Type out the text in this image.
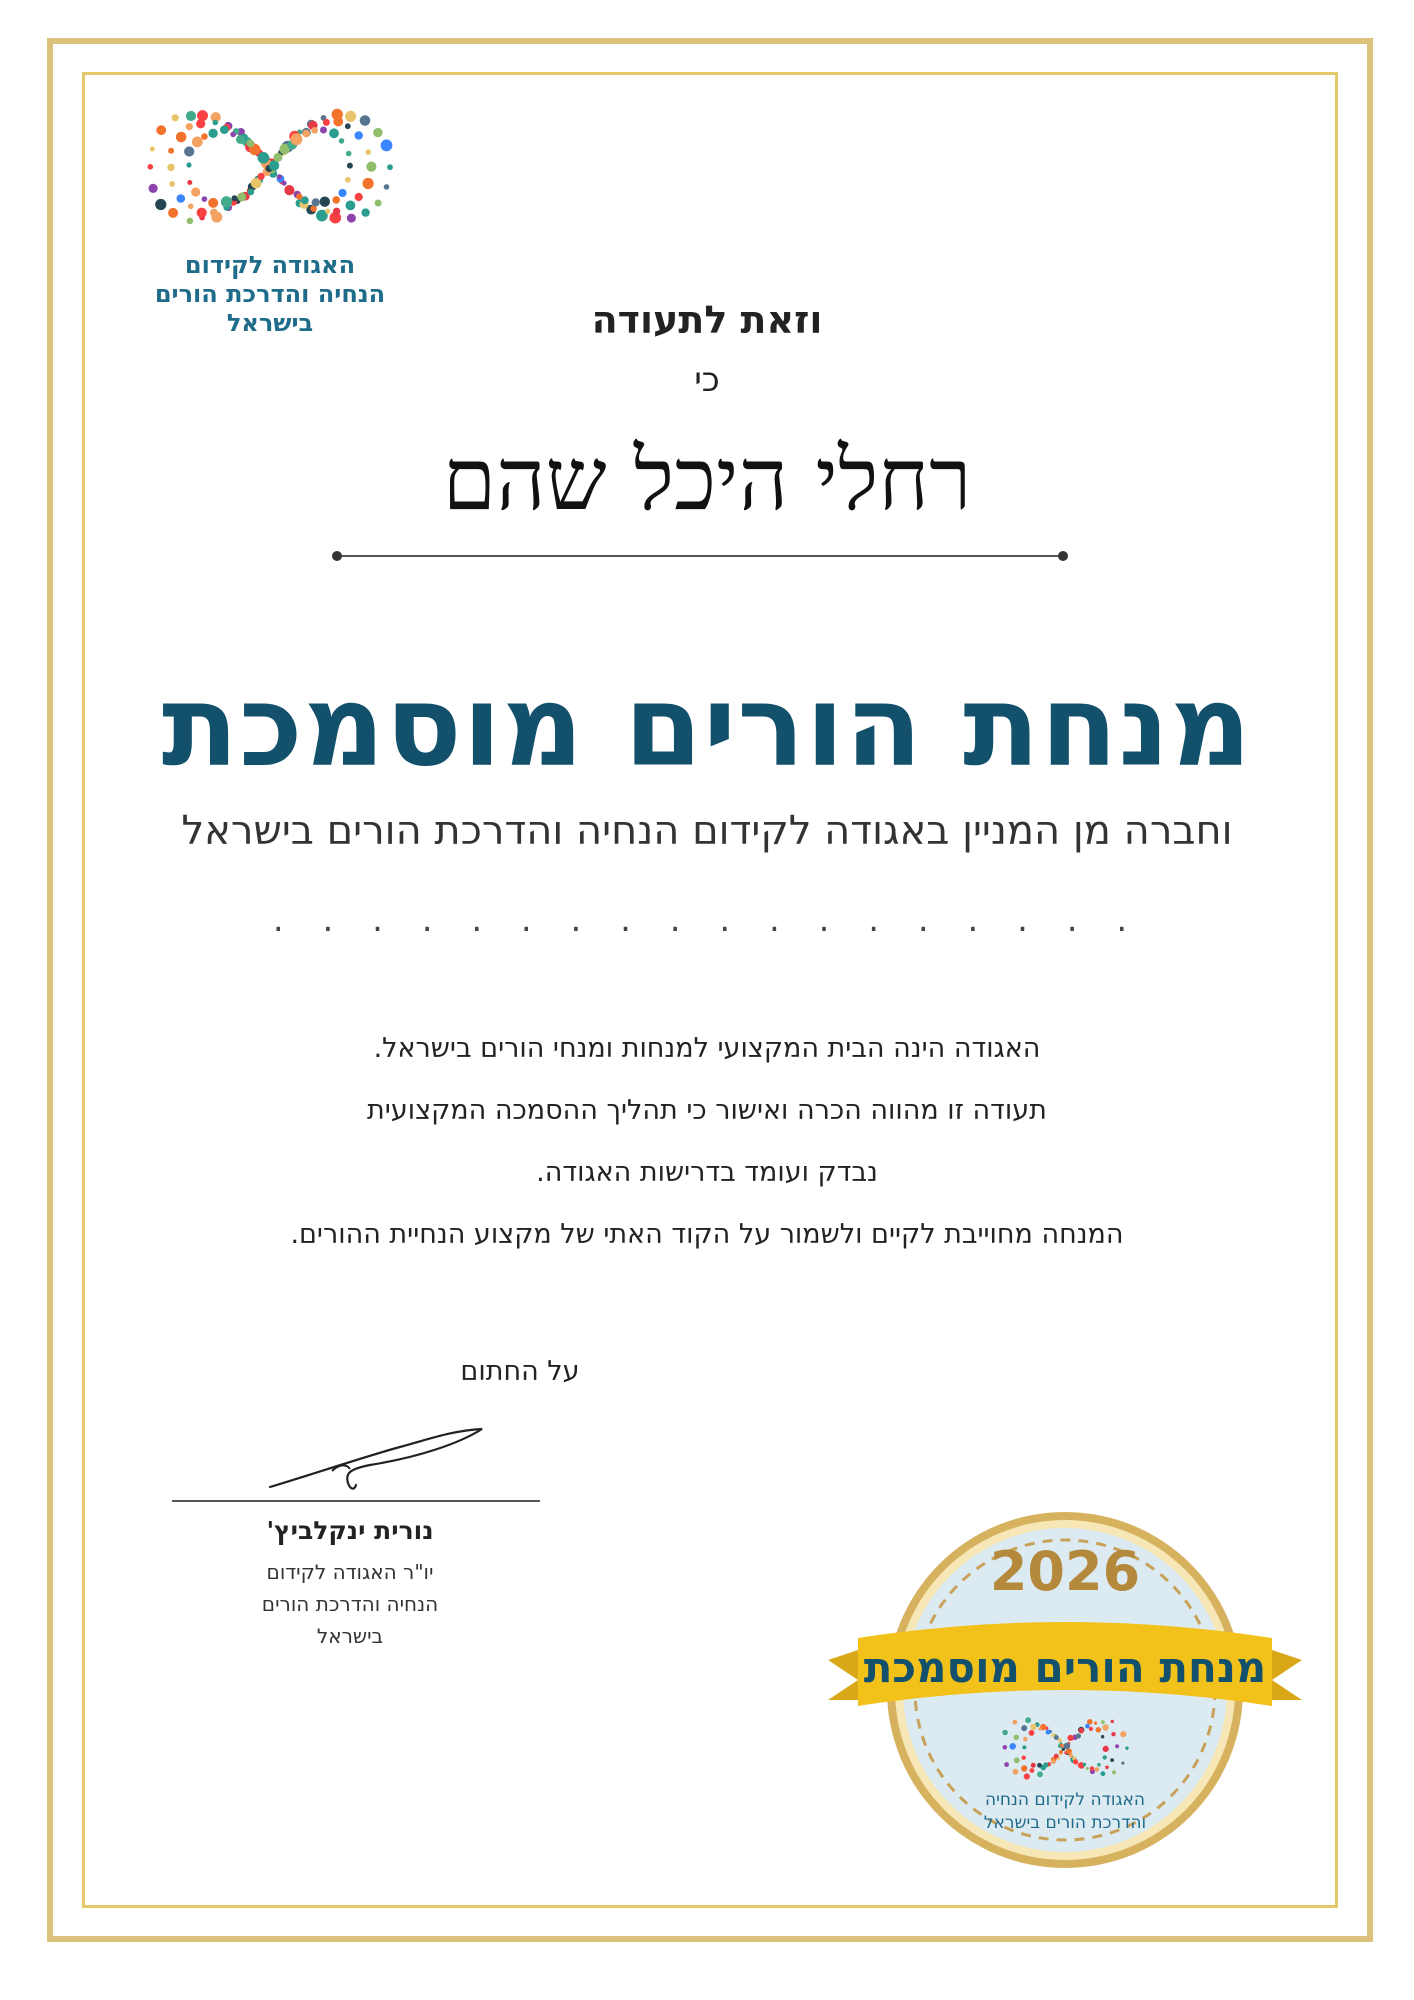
האגודה לקידום
הנחיה והדרכת הורים
בישראל	וזאת לתעודה
כי
רחלי היכל שהם
מנחת הורים מוסמכת
וחברה מן המניין באגודה לקידום הנחיה והדרכת הורים בישראל
. . . . . . . . . . . . . . . . . .
האגודה הינה הבית המקצועי למנחות ומנחי הורים בישראל.
תעודה זו מהווה הכרה ואישור כי תהליך ההסמכה המקצועית
נבדק ועומד בדרישות האגודה.
המנחה מחוייבת לקיים ולשמור על הקוד האתי של מקצוע הנחיית ההורים.
על החתום
נורית ינקלביץ'
יו"ר האגודה לקידום
הנחיה והדרכת הורים
בישראל
2026
מנחת הורים מוסמכת
האגודה לקידום הנחיה
והדרכת הורים בישראל
